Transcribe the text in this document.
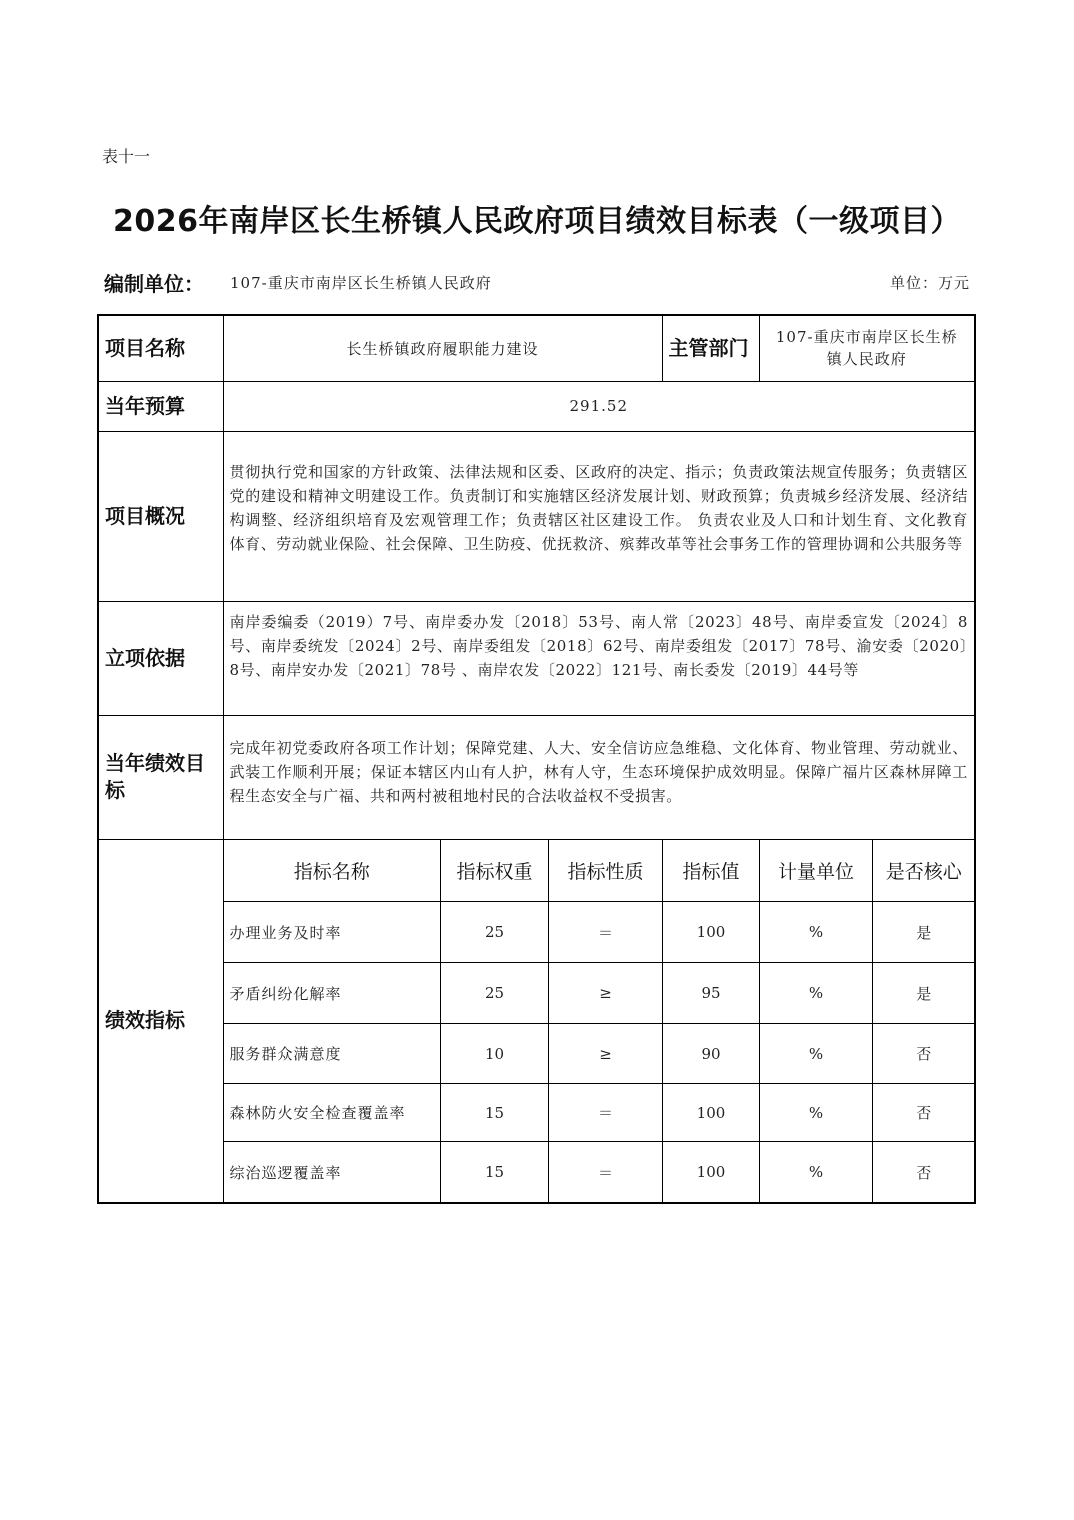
表十一
2026年南岸区长生桥镇人民政府项目绩效目标表（一级项目）
编制单位： 107-重庆市南岸区长生桥镇人民政府	单位：万元
项目名称	长生桥镇政府履职能力建设	主管部门	107-重庆市南岸区长生桥
镇人民政府

当年预算	291.52
项目概况	
贯彻执行党和国家的方针政策、法律法规和区委、区政府的决定、指示；负责政策法规宣传服务；负责辖区党的建设和精神文明建设工作。负责制订和实施辖区经济发展计划、财政预算；负责城乡经济发展、经济结构调整、经济组织培育及宏观管理工作；负责辖区社区建设工作。 负责农业及人口和计划生育、文化教育体育、劳动就业保险、社会保障、卫生防疫、优抚救济、殡葬改革等社会事务工作的管理协调和公共服务等

立项依据	
南岸委编委（2019）7号、南岸委办发〔2018〕53号、南人常〔2023〕48号、南岸委宣发〔2024〕8号、南岸委统发〔2024〕2号、南岸委组发〔2018〕62号、南岸委组发〔2017〕78号、渝安委〔2020〕8号、南岸安办发〔2021〕78号 、南岸农发〔2022〕121号、南长委发〔2019〕44号等

当年绩效目标	
完成年初党委政府各项工作计划；保障党建、人大、安全信访应急维稳、文化体育、物业管理、劳动就业、武装工作顺利开展；保证本辖区内山有人护，林有人守，生态环境保护成效明显。保障广福片区森林屏障工程生态安全与广福、共和两村被租地村民的合法收益权不受损害。

绩效指标	
指标名称	指标权重	指标性质	指标值	计量单位	是否核心
办理业务及时率	25	＝	100	%	是
矛盾纠纷化解率	25	≥	95	%	是
服务群众满意度	10	≥	90	%	否
森林防火安全检查覆盖率	15	＝	100	%	否
综治巡逻覆盖率	15	＝	100	%	否
